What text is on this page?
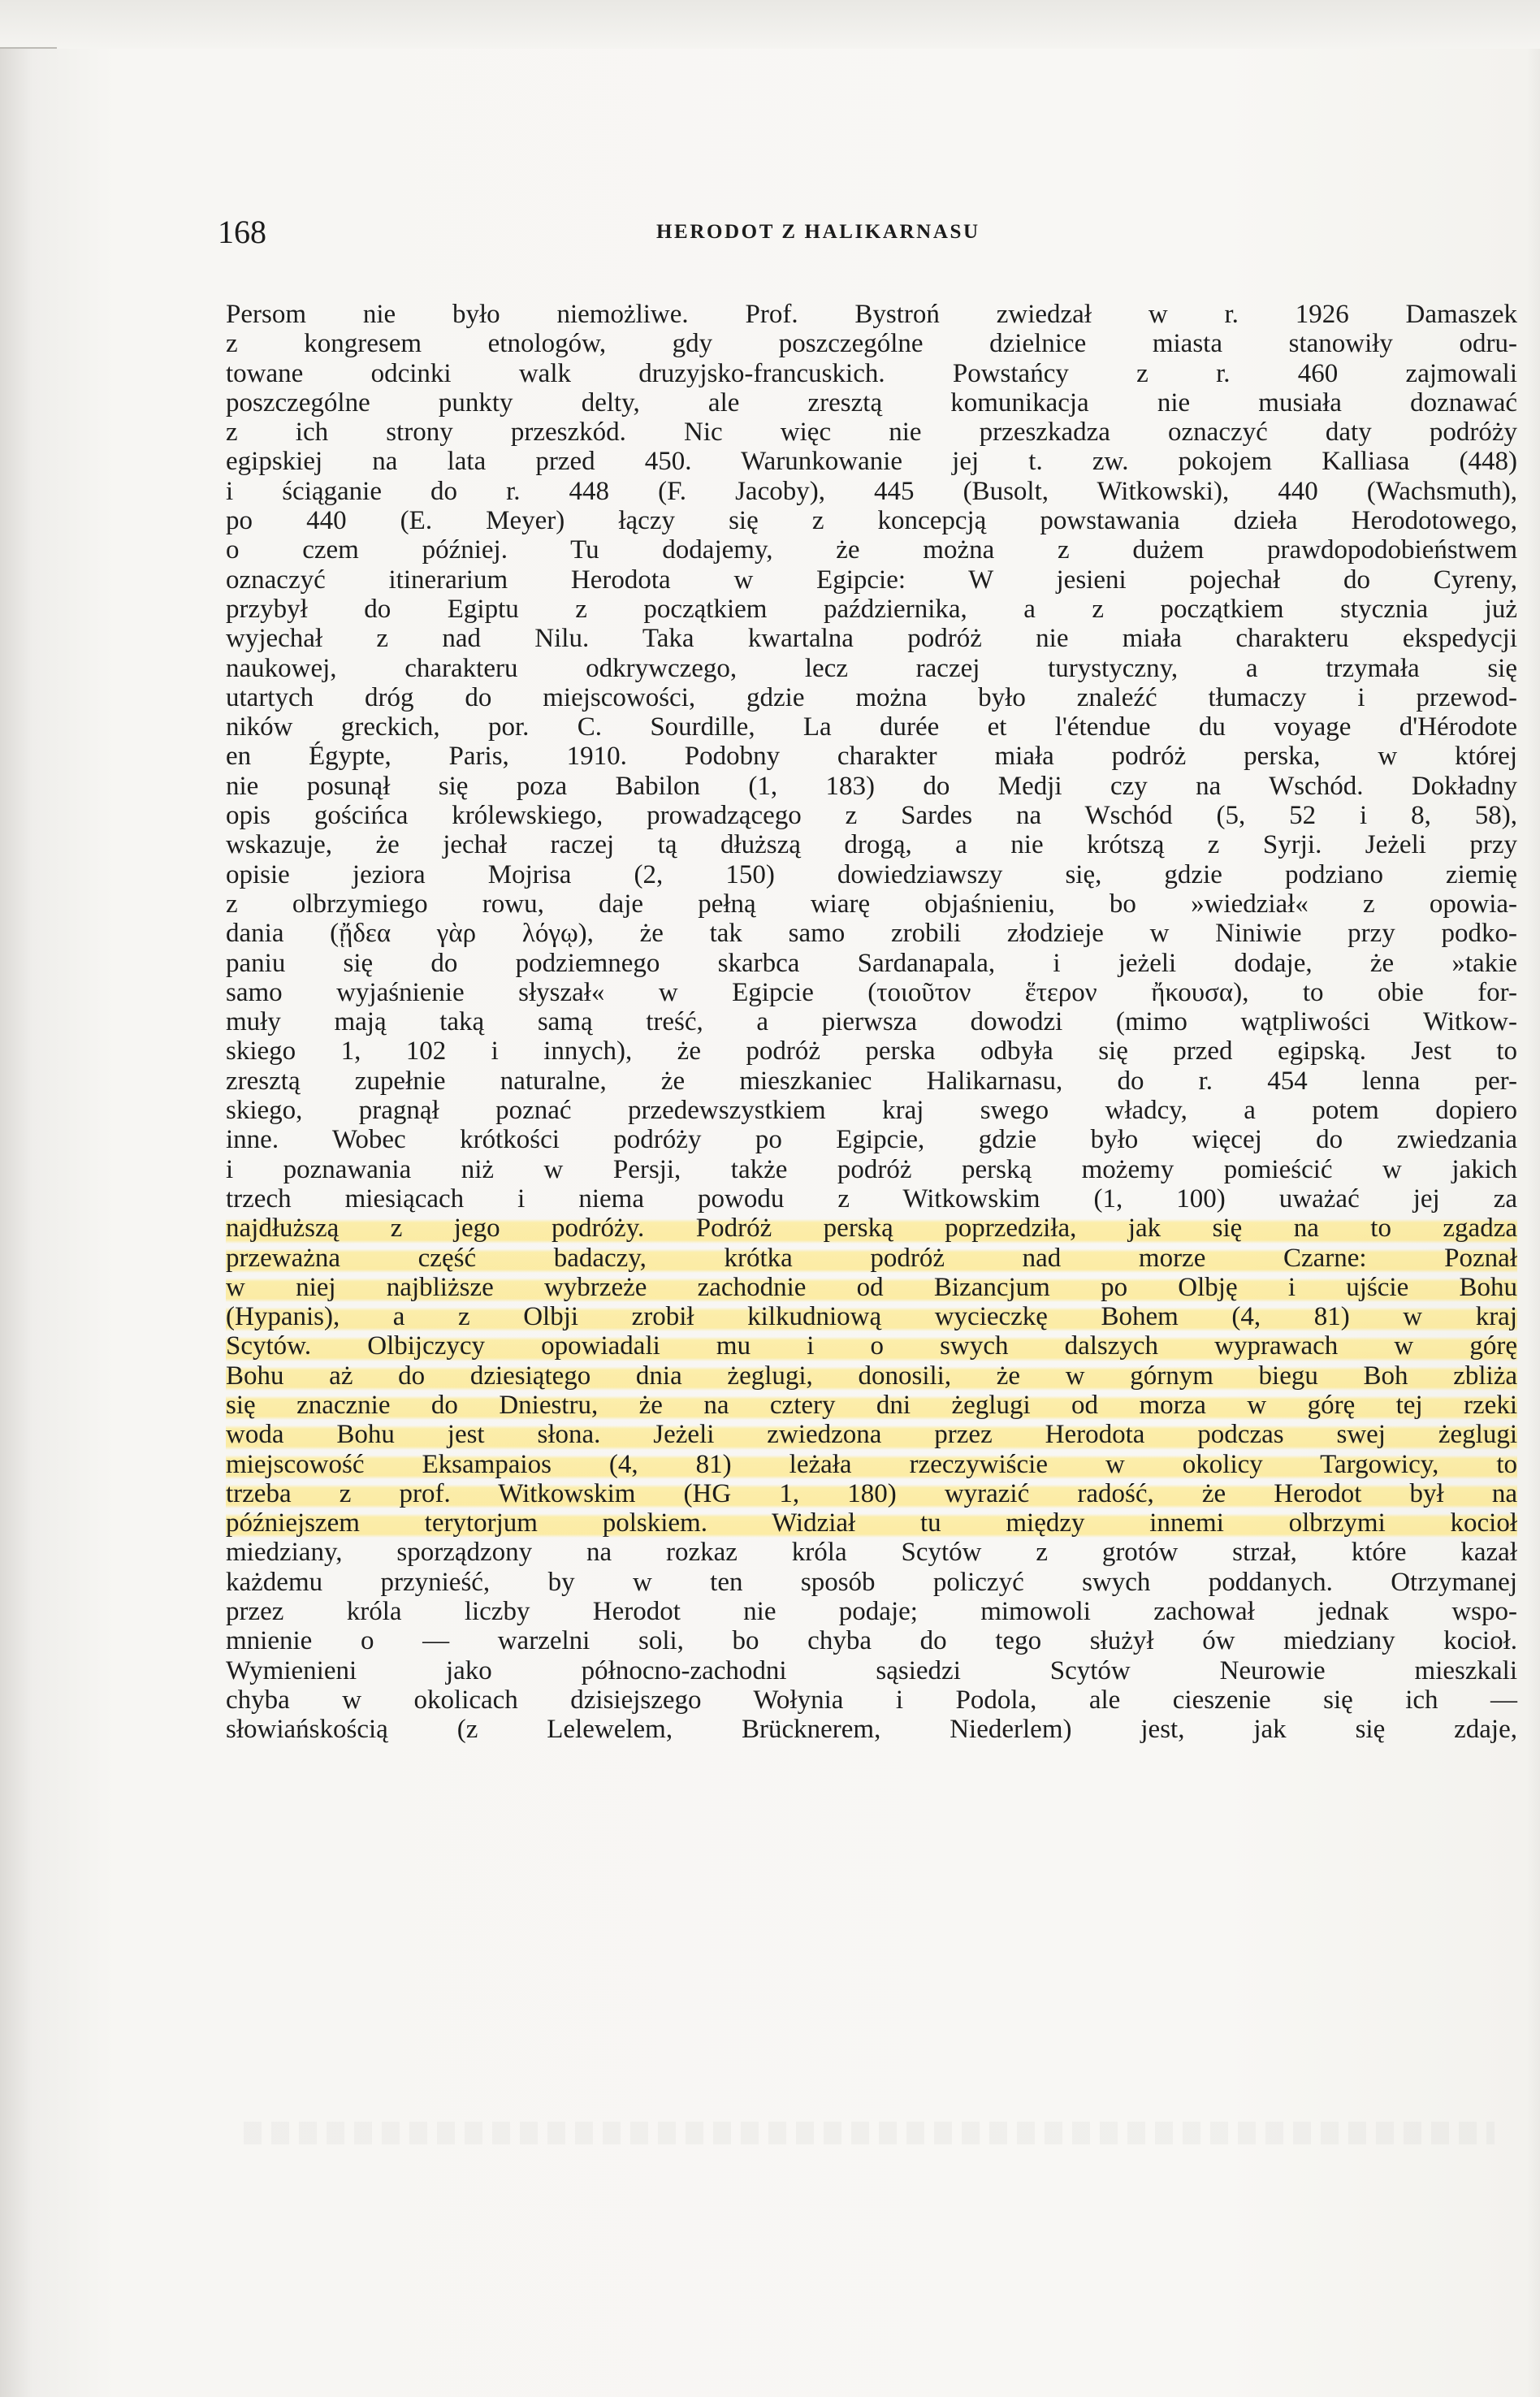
168	HERODOT Z HALIKARNASU
Persom nie było niemożliwe. Prof. Bystroń zwiedzał w r. 1926 Damaszek
z kongresem etnologów, gdy poszczególne dzielnice miasta stanowiły odru-
towane odcinki walk druzyjsko-francuskich. Powstańcy z r. 460 zajmowali
poszczególne punkty delty, ale zresztą komunikacja nie musiała doznawać
z ich strony przeszkód. Nic więc nie przeszkadza oznaczyć daty podróży
egipskiej na lata przed 450. Warunkowanie jej t. zw. pokojem Kalliasa (448)
i ściąganie do r. 448 (F. Jacoby), 445 (Busolt, Witkowski), 440 (Wachsmuth),
po 440 (E. Meyer) łączy się z koncepcją powstawania dzieła Herodotowego,
o czem później. Tu dodajemy, że można z dużem prawdopodobieństwem
oznaczyć itinerarium Herodota w Egipcie: W jesieni pojechał do Cyreny,
przybył do Egiptu z początkiem października, a z początkiem stycznia już
wyjechał z nad Nilu. Taka kwartalna podróż nie miała charakteru ekspedycji
naukowej, charakteru odkrywczego, lecz raczej turystyczny, a trzymała się
utartych dróg do miejscowości, gdzie można było znaleźć tłumaczy i przewod-
ników greckich, por. C. Sourdille, La durée et l'étendue du voyage d'Hérodote
en Égypte, Paris, 1910. Podobny charakter miała podróż perska, w której
nie posunął się poza Babilon (1, 183) do Medji czy na Wschód. Dokładny
opis gościńca królewskiego, prowadzącego z Sardes na Wschód (5, 52 i 8, 58),
wskazuje, że jechał raczej tą dłuższą drogą, a nie krótszą z Syrji. Jeżeli przy
opisie jeziora Mojrisa (2, 150) dowiedziawszy się, gdzie podziano ziemię
z olbrzymiego rowu, daje pełną wiarę objaśnieniu, bo »wiedział« z opowia-
dania (ᾔδεα γὰρ λόγῳ), że tak samo zrobili złodzieje w Niniwie przy podko-
paniu się do podziemnego skarbca Sardanapala, i jeżeli dodaje, że »takie
samo wyjaśnienie słyszał« w Egipcie (τοιοῦτον ἕτερον ἤκουσα), to obie for-
muły mają taką samą treść, a pierwsza dowodzi (mimo wątpliwości Witkow-
skiego 1, 102 i innych), że podróż perska odbyła się przed egipską. Jest to
zresztą zupełnie naturalne, że mieszkaniec Halikarnasu, do r. 454 lenna per-
skiego, pragnął poznać przedewszystkiem kraj swego władcy, a potem dopiero
inne. Wobec krótkości podróży po Egipcie, gdzie było więcej do zwiedzania
i poznawania niż w Persji, także podróż perską możemy pomieścić w jakich
trzech miesiącach i niema powodu z Witkowskim (1, 100) uważać jej za
najdłuższą z jego podróży. Podróż perską poprzedziła, jak się na to zgadza
przeważna część badaczy, krótka podróż nad morze Czarne: Poznał
w niej najbliższe wybrzeże zachodnie od Bizancjum po Olbję i ujście Bohu
(Hypanis), a z Olbji zrobił kilkudniową wycieczkę Bohem (4, 81) w kraj
Scytów. Olbijczycy opowiadali mu i o swych dalszych wyprawach w górę
Bohu aż do dziesiątego dnia żeglugi, donosili, że w górnym biegu Boh zbliża
się znacznie do Dniestru, że na cztery dni żeglugi od morza w górę tej rzeki
woda Bohu jest słona. Jeżeli zwiedzona przez Herodota podczas swej żeglugi
miejscowość Eksampaios (4, 81) leżała rzeczywiście w okolicy Targowicy, to
trzeba z prof. Witkowskim (HG 1, 180) wyrazić radość, że Herodot był na
późniejszem terytorjum polskiem. Widział tu między innemi olbrzymi kocioł
miedziany, sporządzony na rozkaz króla Scytów z grotów strzał, które kazał
każdemu przynieść, by w ten sposób policzyć swych poddanych. Otrzymanej
przez króla liczby Herodot nie podaje; mimowoli zachował jednak wspo-
mnienie o — warzelni soli, bo chyba do tego służył ów miedziany kocioł.
Wymienieni jako północno-zachodni sąsiedzi Scytów Neurowie mieszkali
chyba w okolicach dzisiejszego Wołynia i Podola, ale cieszenie się ich —
słowiańskością (z Lelewelem, Brücknerem, Niederlem) jest, jak się zdaje,
